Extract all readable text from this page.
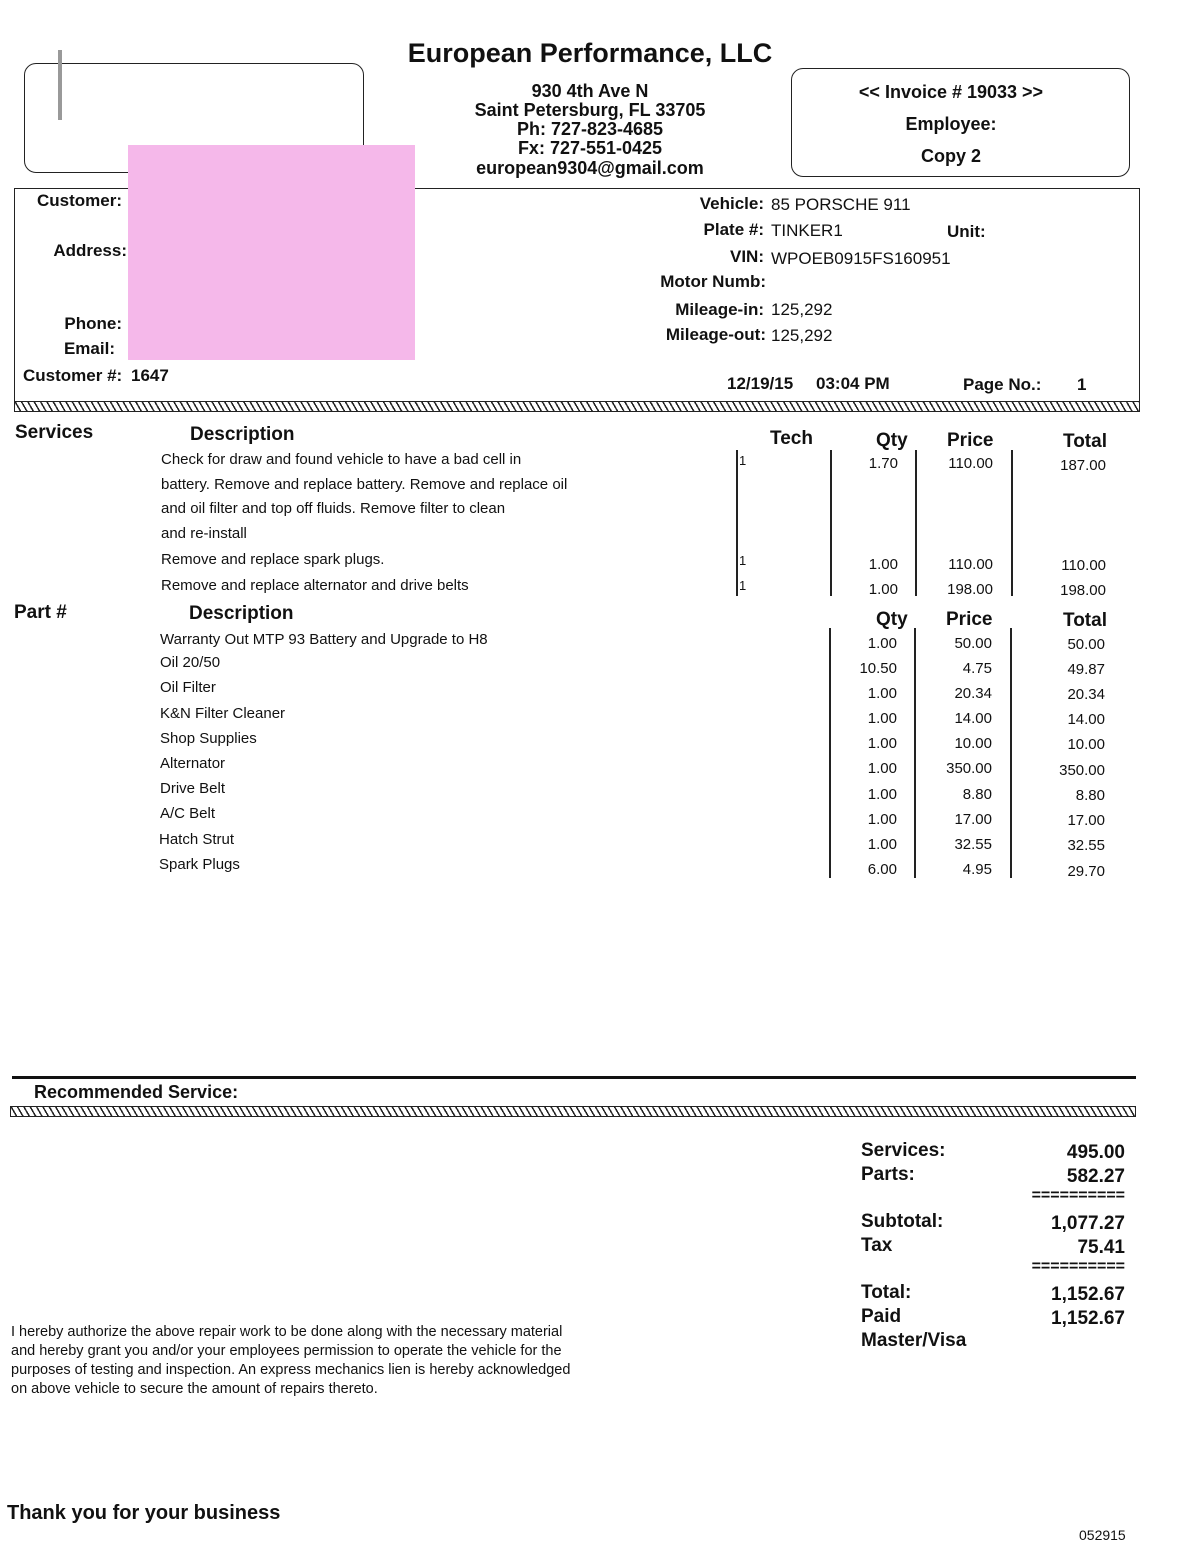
European Performance, LLC
930 4th Ave N
Saint Petersburg, FL 33705
Ph: 727-823-4685
Fx: 727-551-0425
european9304@gmail.com
<< Invoice # 19033 >>
Employee:
Copy 2
Customer:
Address:
Phone:
Email:
Customer #: 1647
Vehicle: 85 PORSCHE 911
Plate #: TINKER1	Unit:
VIN: WPOEB0915FS160951
Motor Numb:
Mileage-in: 125,292
Mileage-out: 125,292
12/19/15 03:04 PM	Page No.: 1
Services	Description	Tech	Qty Price	Total
Check for draw and found vehicle to have a bad cell in	1	1.70	110.00	187.00
battery. Remove and replace battery. Remove and replace oil
and oil filter and top off fluids. Remove filter to clean
and re-install
Remove and replace spark plugs.	1	1.00	110.00	110.00
Remove and replace alternator and drive belts	1	1.00	198.00	198.00
Part #	Description	Qty Price	Total
Warranty Out MTP 93 Battery and Upgrade to H8	1.00	50.00	50.00
Oil 20/50	10.50	4.75	49.87
Oil Filter	1.00	20.34	20.34
K&N Filter Cleaner	1.00	14.00	14.00
Shop Supplies	1.00	10.00	10.00
Alternator	1.00	350.00	350.00
Drive Belt	1.00	8.80	8.80
A/C Belt	1.00	17.00	17.00
Hatch Strut	1.00	32.55	32.55
Spark Plugs	6.00	4.95	29.70
Recommended Service:
Services:	495.00
Parts:	582.27
==========
Subtotal:	1,077.27
Tax	75.41
==========
Total:	1,152.67
Paid	1,152.67
Master/Visa
I hereby authorize the above repair work to be done along with the necessary material and hereby grant you and/or your employees permission to operate the vehicle for the purposes of testing and inspection. An express mechanics lien is hereby acknowledged on above vehicle to secure the amount of repairs thereto.
Thank you for your business
052915
